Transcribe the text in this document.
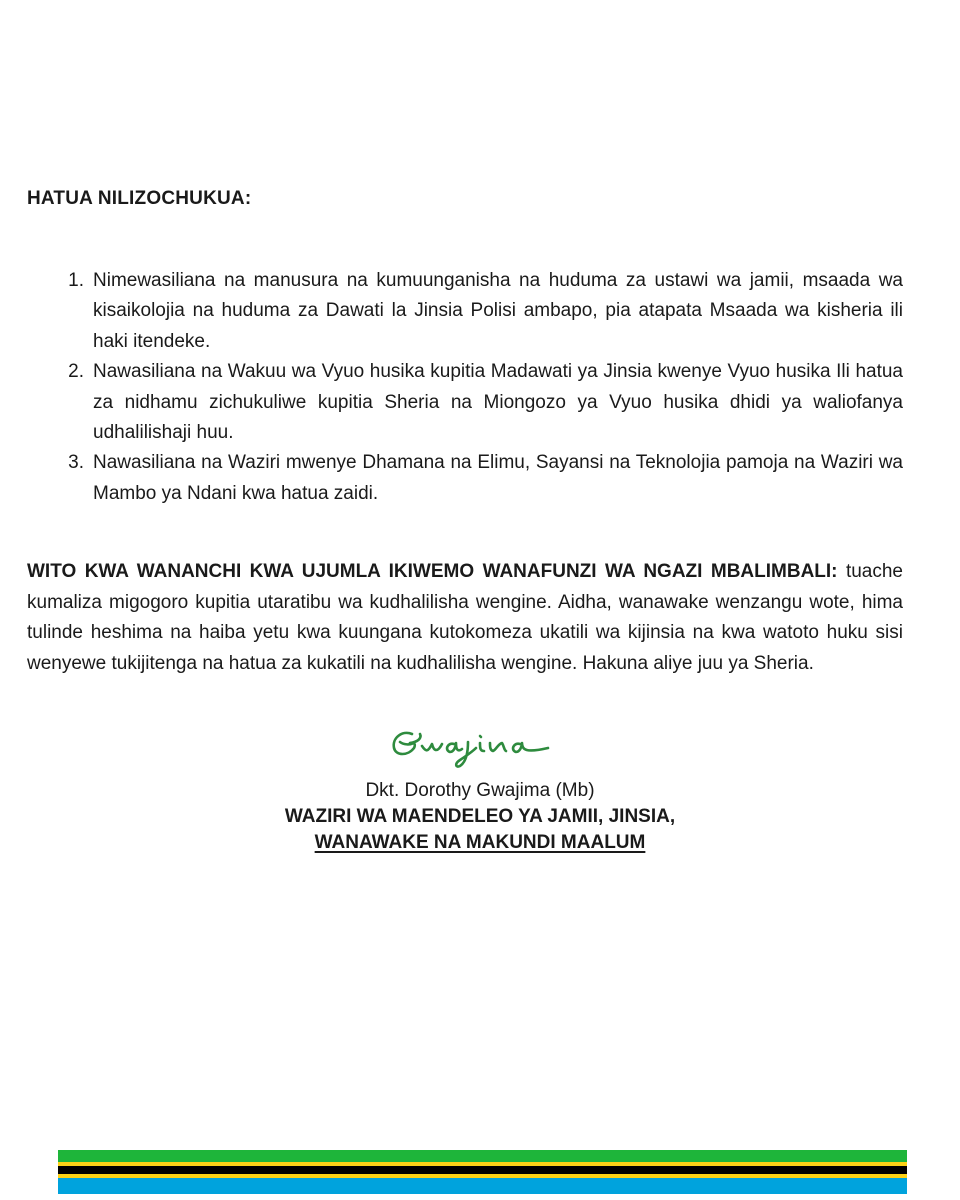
HATUA NILIZOCHUKUA:
1. Nimewasiliana na manusura na kumuunganisha na huduma za ustawi wa jamii, msaada wa kisaikolojia na huduma za Dawati la Jinsia Polisi ambapo, pia atapata Msaada wa kisheria ili haki itendeke.
2. Nawasiliana na Wakuu wa Vyuo husika kupitia Madawati ya Jinsia kwenye Vyuo husika Ili hatua za nidhamu zichukuliwe kupitia Sheria na Miongozo ya Vyuo husika dhidi ya waliofanya udhalilishaji huu.
3. Nawasiliana na Waziri mwenye Dhamana na Elimu, Sayansi na Teknolojia pamoja na Waziri wa Mambo ya Ndani kwa hatua zaidi.

WITO KWA WANANCHI KWA UJUMLA IKIWEMO WANAFUNZI WA NGAZI MBALIMBALI: tuache kumaliza migogoro kupitia utaratibu wa kudhalilisha wengine. Aidha, wanawake wenzangu wote, hima tulinde heshima na haiba yetu kwa kuungana kutokomeza ukatili wa kijinsia na kwa watoto huku sisi wenyewe tukijitenga na hatua za kukatili na kudhalilisha wengine. Hakuna aliye juu ya Sheria.

Dkt. Dorothy Gwajima (Mb)
WAZIRI WA MAENDELEO YA JAMII, JINSIA,
WANAWAKE NA MAKUNDI MAALUM
